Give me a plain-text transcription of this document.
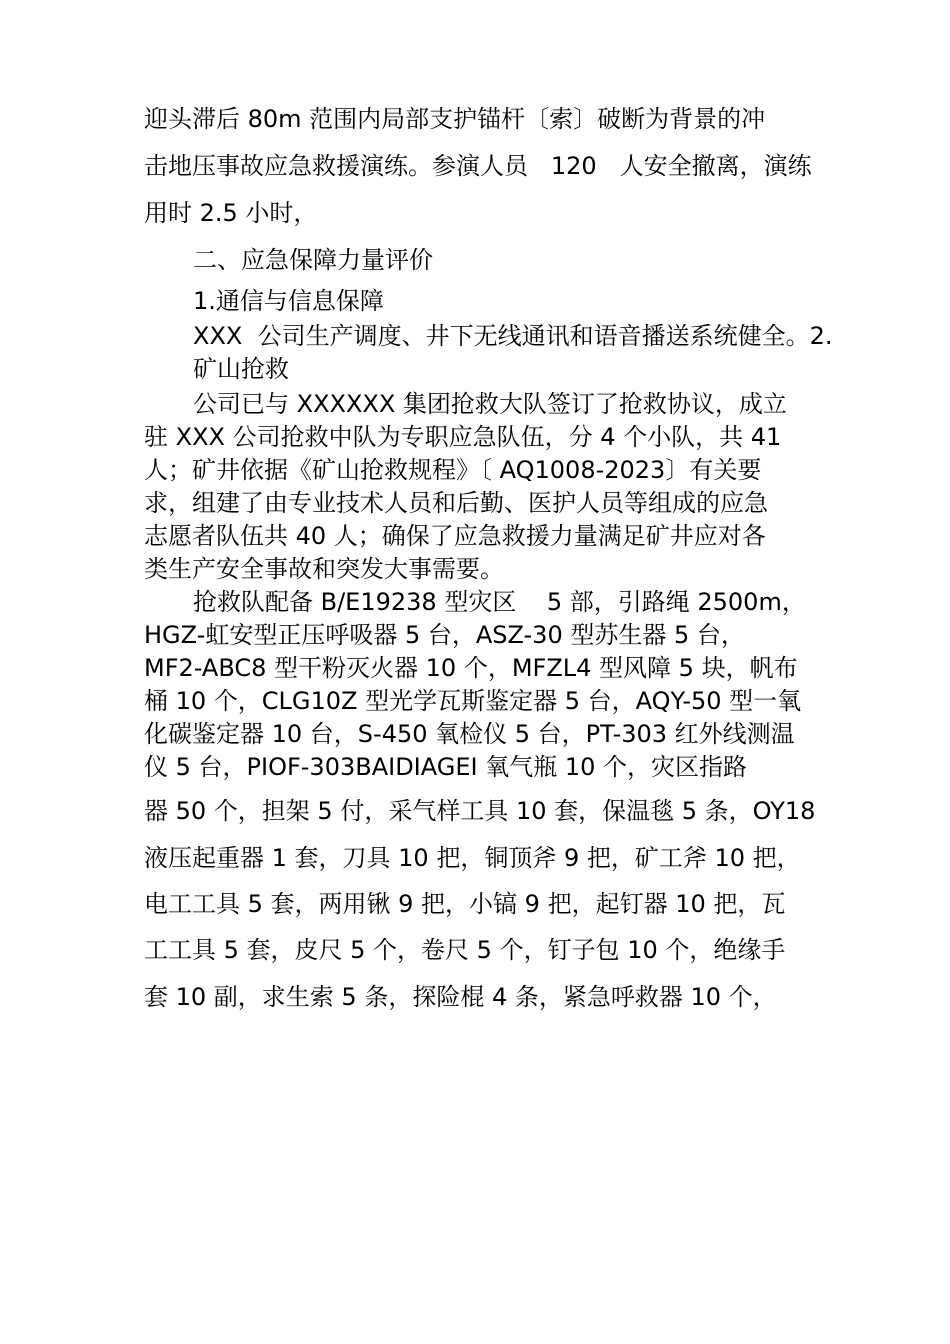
迎头滞后 80m 范围内局部支护锚杆〔索〕破断为背景的冲
击地压事故应急救援演练。参演人员   120   人安全撤离，演练
用时 2.5 小时，
二、应急保障力量评价
1.通信与信息保障
XXX  公司生产调度、井下无线通讯和语音播送系统健全。2.
矿山抢救
公司已与 XXXXXX 集团抢救大队签订了抢救协议，成立
驻 XXX 公司抢救中队为专职应急队伍，分 4 个小队，共 41
人；矿井依据《矿山抢救规程》〔 AQ1008-2023〕有关要
求，组建了由专业技术人员和后勤、医护人员等组成的应急
志愿者队伍共 40 人；确保了应急救援力量满足矿井应对各
类生产安全事故和突发大事需要。
抢救队配备 B/E19238 型灾区    5 部，引路绳 2500m，
HGZ-虹安型正压呼吸器 5 台，ASZ-30 型苏生器 5 台，
MF2-ABC8 型干粉灭火器 10 个，MFZL4 型风障 5 块，帆布
桶 10 个，CLG10Z 型光学瓦斯鉴定器 5 台，AQY-50 型一氧
化碳鉴定器 10 台，S-450 氧检仪 5 台，PT-303 红外线测温
仪 5 台，PIOF-303BAIDIAGEI 氧气瓶 10 个，灾区指路
器 50 个，担架 5 付，采气样工具 10 套，保温毯 5 条，OY18
液压起重器 1 套，刀具 10 把，铜顶斧 9 把，矿工斧 10 把，
电工工具 5 套，两用锹 9 把，小镐 9 把，起钉器 10 把，瓦
工工具 5 套，皮尺 5 个，卷尺 5 个，钉子包 10 个，绝缘手
套 10 副，求生索 5 条，探险棍 4 条，紧急呼救器 10 个，
